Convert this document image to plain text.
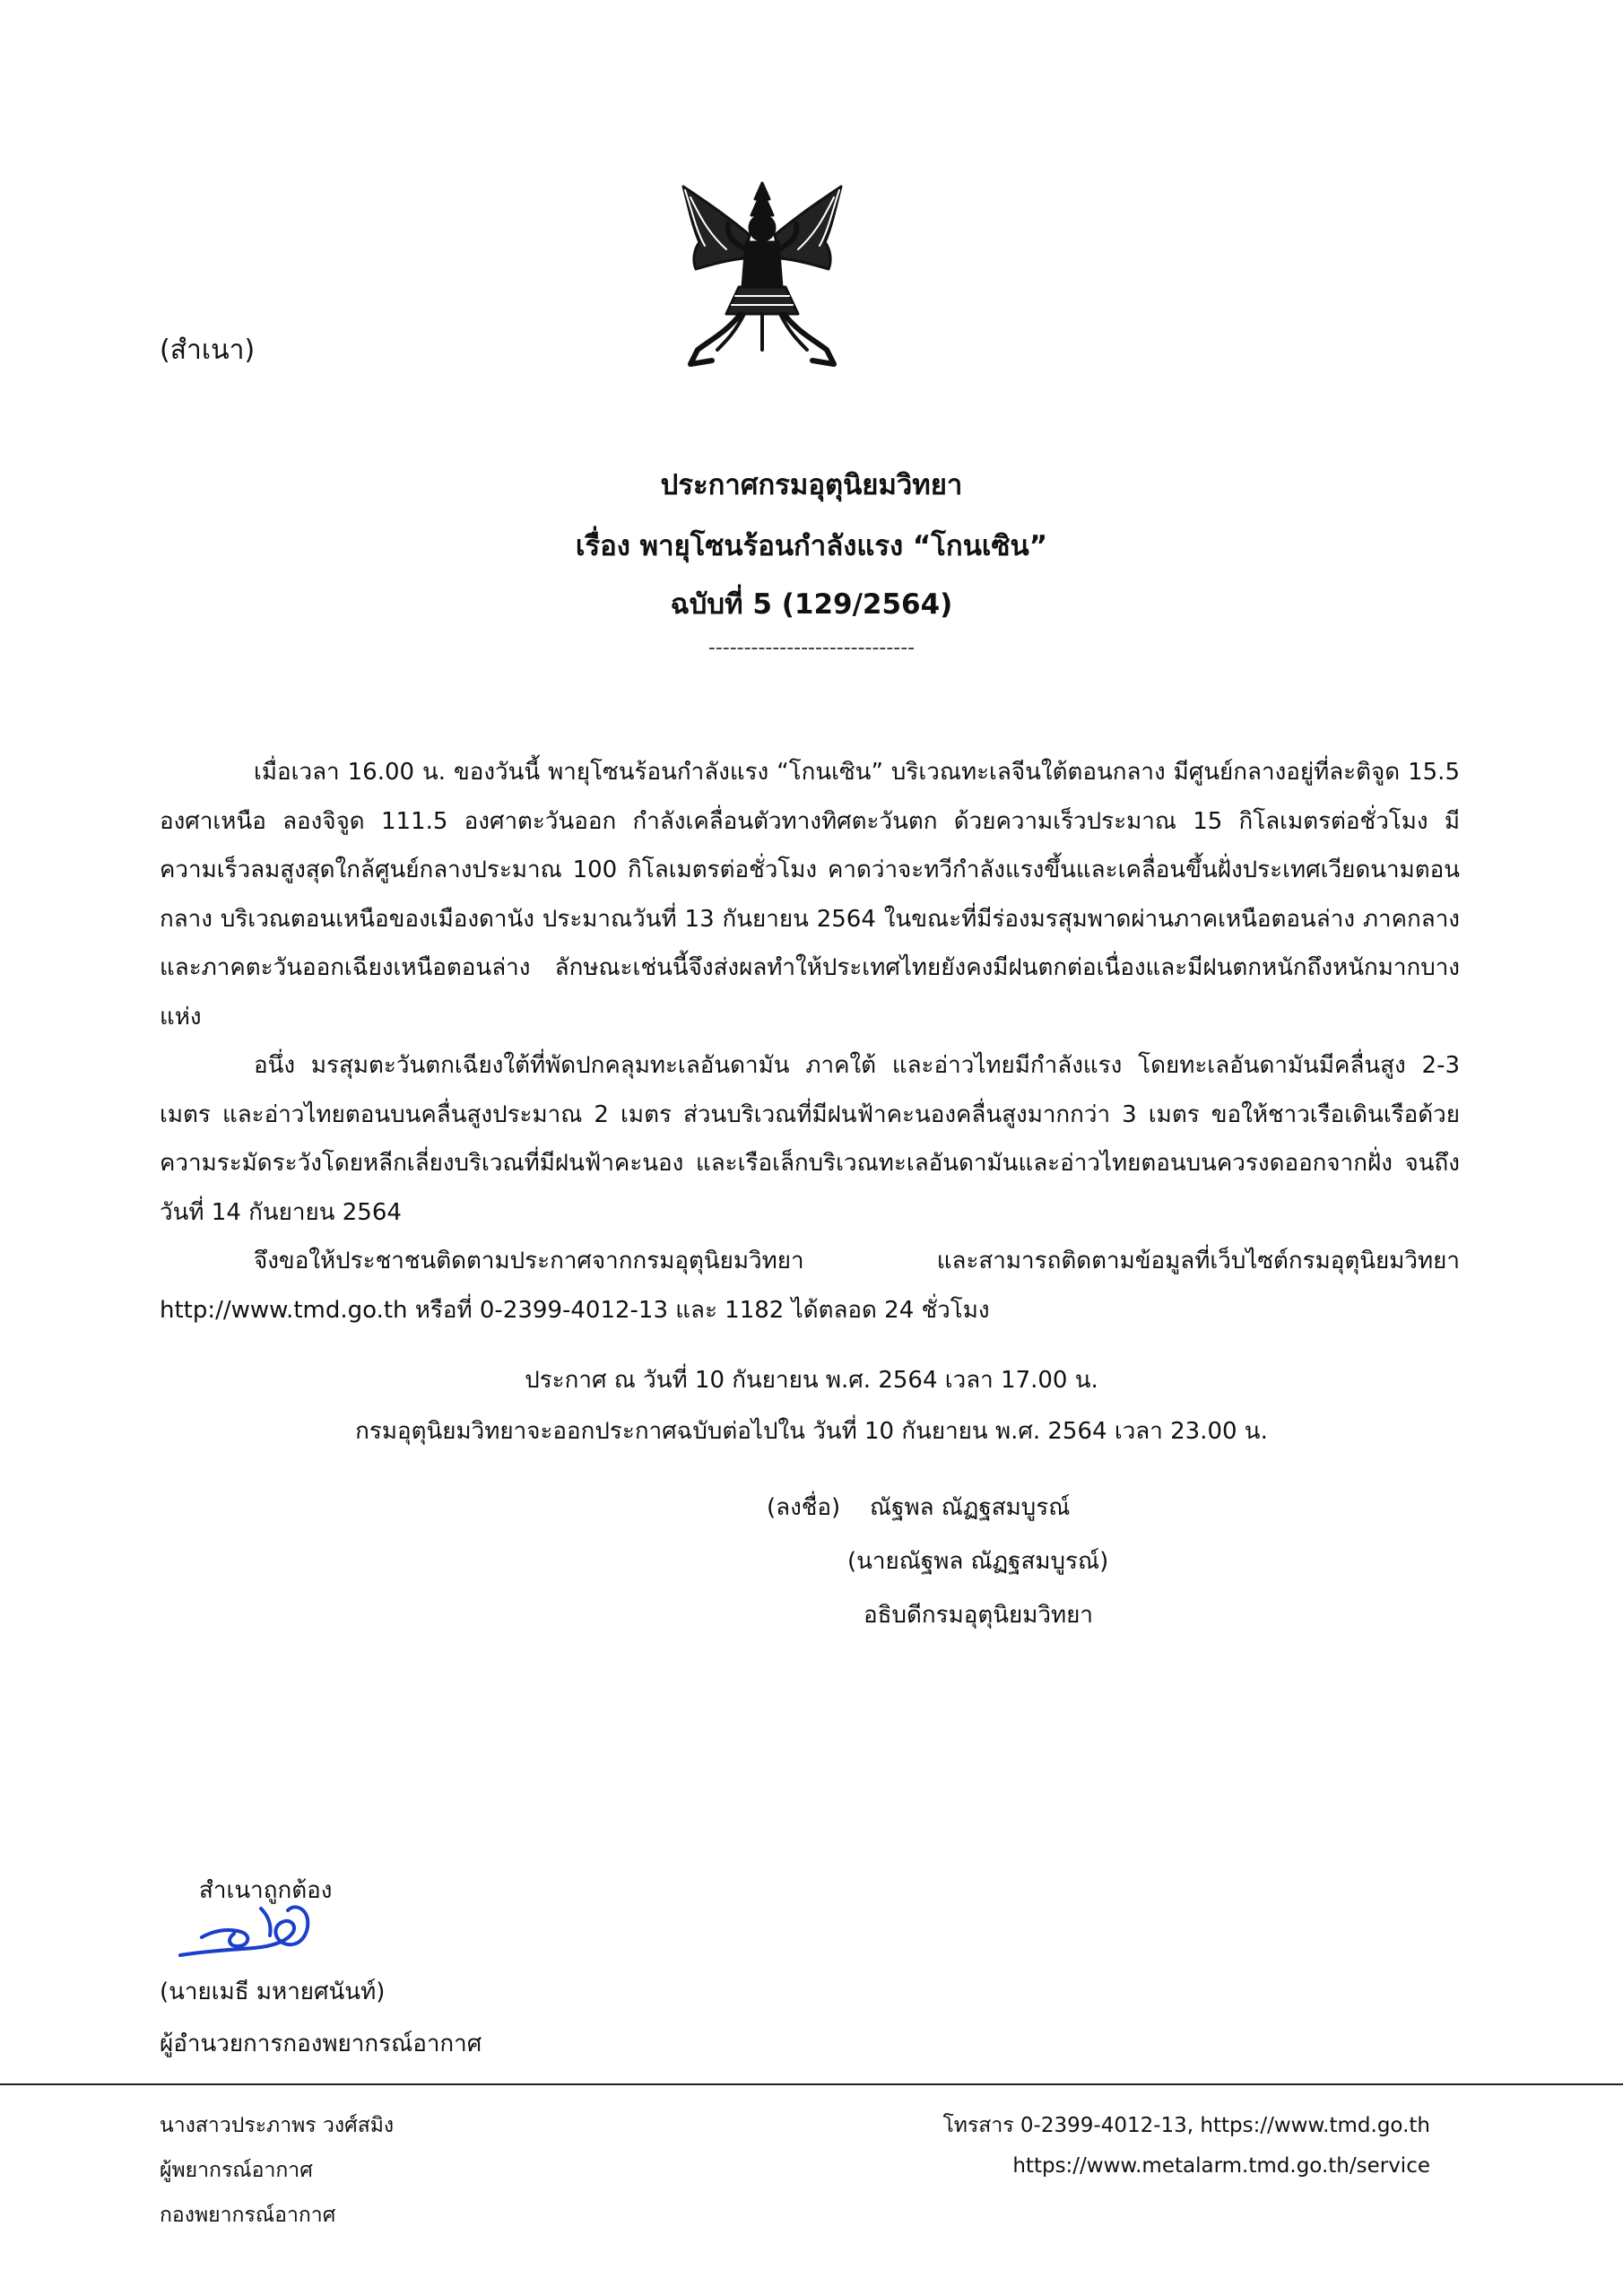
(สำเนา)
ประกาศกรมอุตุนิยมวิทยา
เรื่อง พายุโซนร้อนกำลังแรง “โกนเซิน”
ฉบับที่ 5 (129/2564)
-----------------------------

เมื่อเวลา 16.00 น. ของวันนี้ พายุโซนร้อนกำลังแรง “โกนเซิน” บริเวณทะเลจีนใต้ตอนกลาง มีศูนย์กลางอยู่ที่ละติจูด 15.5 องศาเหนือ ลองจิจูด 111.5 องศาตะวันออก กำลังเคลื่อนตัวทางทิศตะวันตก ด้วยความเร็วประมาณ 15 กิโลเมตรต่อชั่วโมง มีความเร็วลมสูงสุดใกล้ศูนย์กลางประมาณ 100 กิโลเมตรต่อชั่วโมง คาดว่าจะทวีกำลังแรงขึ้นและเคลื่อนขึ้นฝั่งประเทศเวียดนามตอนกลาง บริเวณตอนเหนือของเมืองดานัง ประมาณวันที่ 13 กันยายน 2564 ในขณะที่มีร่องมรสุมพาดผ่านภาคเหนือตอนล่าง ภาคกลาง และภาคตะวันออกเฉียงเหนือตอนล่าง ลักษณะเช่นนี้จึงส่งผลทำให้ประเทศไทยยังคงมีฝนตกต่อเนื่องและมีฝนตกหนักถึงหนักมากบางแห่ง

อนึ่ง มรสุมตะวันตกเฉียงใต้ที่พัดปกคลุมทะเลอันดามัน ภาคใต้ และอ่าวไทยมีกำลังแรง โดยทะเลอันดามันมีคลื่นสูง 2-3 เมตร และอ่าวไทยตอนบนคลื่นสูงประมาณ 2 เมตร ส่วนบริเวณที่มีฝนฟ้าคะนองคลื่นสูงมากกว่า 3 เมตร ขอให้ชาวเรือเดินเรือด้วยความระมัดระวังโดยหลีกเลี่ยงบริเวณที่มีฝนฟ้าคะนอง และเรือเล็กบริเวณทะเลอันดามันและอ่าวไทยตอนบนควรงดออกจากฝั่ง จนถึงวันที่ 14 กันยายน 2564

จึงขอให้ประชาชนติดตามประกาศจากกรมอุตุนิยมวิทยา และสามารถติดตามข้อมูลที่เว็บไซต์กรมอุตุนิยมวิทยา http://www.tmd.go.th หรือที่ 0-2399-4012-13 และ 1182 ได้ตลอด 24 ชั่วโมง

ประกาศ ณ วันที่ 10 กันยายน พ.ศ. 2564 เวลา 17.00 น.
กรมอุตุนิยมวิทยาจะออกประกาศฉบับต่อไปใน วันที่ 10 กันยายน พ.ศ. 2564 เวลา 23.00 น.
(ลงชื่อ) ณัฐพล ณัฏฐสมบูรณ์
(นายณัฐพล ณัฏฐสมบูรณ์)
อธิบดีกรมอุตุนิยมวิทยา
สำเนาถูกต้อง
(นายเมธี มหายศนันท์)
ผู้อำนวยการกองพยากรณ์อากาศ
นางสาวประภาพร วงศ์สมิง
ผู้พยากรณ์อากาศ
กองพยากรณ์อากาศ
โทรสาร 0-2399-4012-13, https://www.tmd.go.th
https://www.metalarm.tmd.go.th/service
